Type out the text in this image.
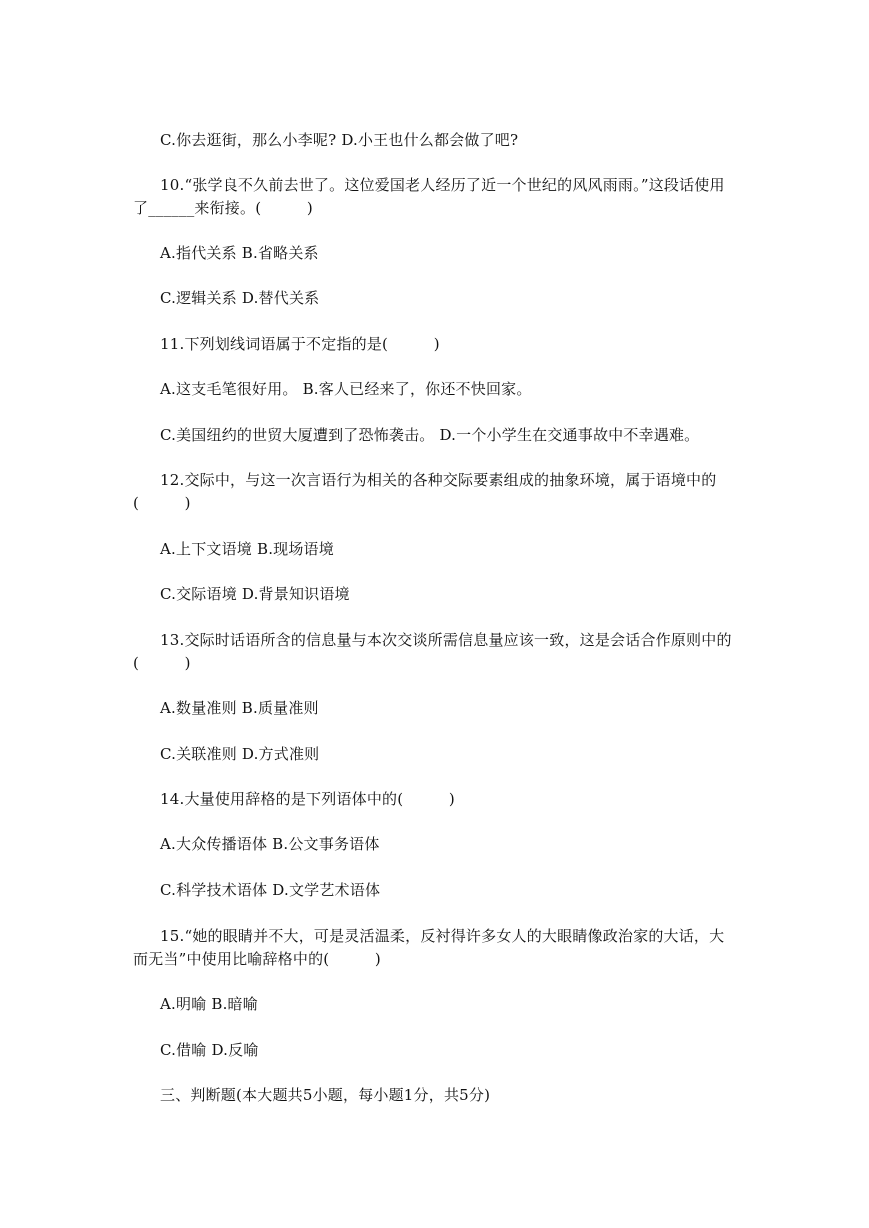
C.你去逛街，那么小李呢? D.小王也什么都会做了吧?
10.“张学良不久前去世了。这位爱国老人经历了近一个世纪的风风雨雨。”这段话使用
了______来衔接。(　　　)
A.指代关系 B.省略关系
C.逻辑关系 D.替代关系
11.下列划线词语属于不定指的是(　　　)
A.这支毛笔很好用。 B.客人已经来了，你还不快回家。
C.美国纽约的世贸大厦遭到了恐怖袭击。 D.一个小学生在交通事故中不幸遇难。
12.交际中，与这一次言语行为相关的各种交际要素组成的抽象环境，属于语境中的
(　　　)
A.上下文语境 B.现场语境
C.交际语境 D.背景知识语境
13.交际时话语所含的信息量与本次交谈所需信息量应该一致，这是会话合作原则中的
(　　　)
A.数量准则 B.质量准则
C.关联准则 D.方式准则
14.大量使用辞格的是下列语体中的(　　　)
A.大众传播语体 B.公文事务语体
C.科学技术语体 D.文学艺术语体
15.“她的眼睛并不大，可是灵活温柔，反衬得许多女人的大眼睛像政治家的大话，大
而无当”中使用比喻辞格中的(　　　)
A.明喻 B.暗喻
C.借喻 D.反喻
三、判断题(本大题共5小题，每小题1分，共5分)
